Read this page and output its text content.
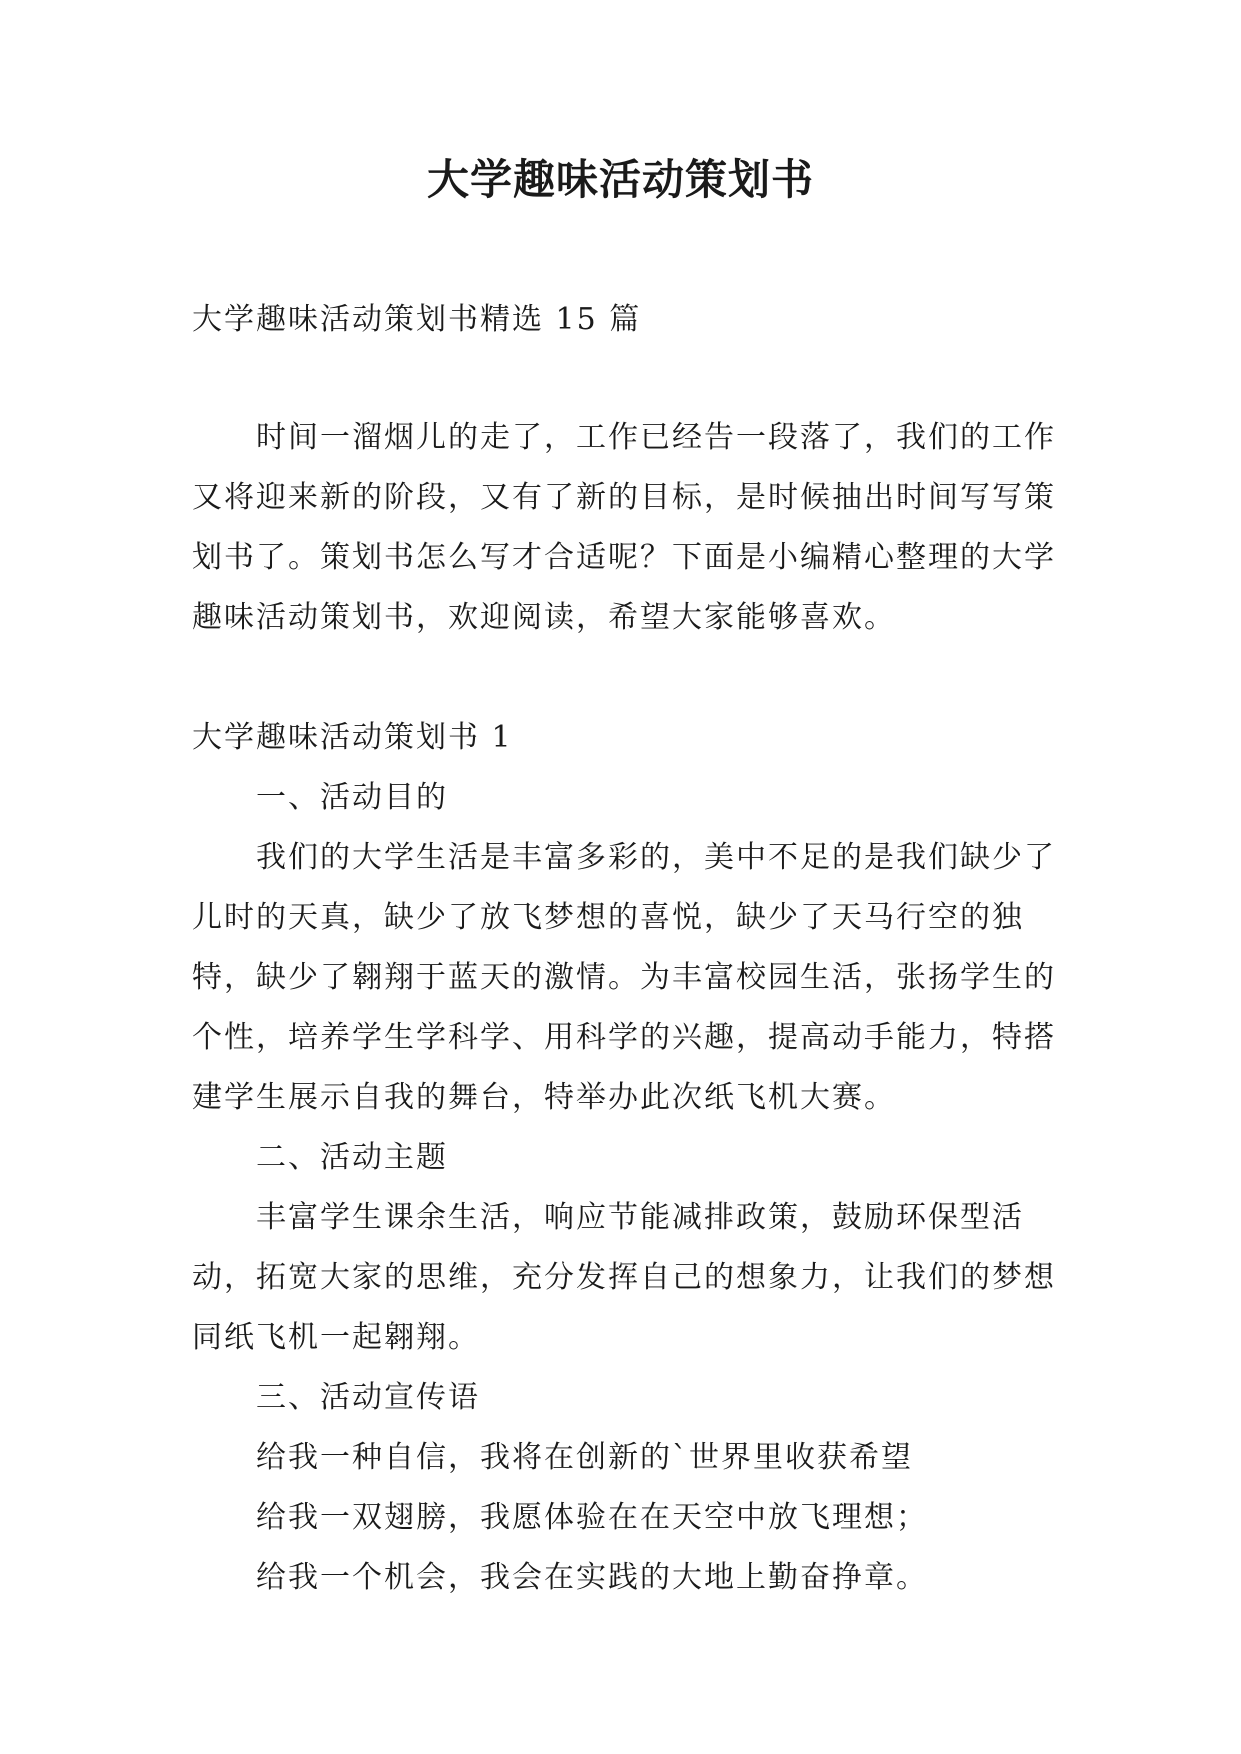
大学趣味活动策划书

大学趣味活动策划书精选 15 篇

时间一溜烟儿的走了，工作已经告一段落了，我们的工作又将迎来新的阶段，又有了新的目标，是时候抽出时间写写策划书了。策划书怎么写才合适呢？下面是小编精心整理的大学趣味活动策划书，欢迎阅读，希望大家能够喜欢。

大学趣味活动策划书 1

一、活动目的

我们的大学生活是丰富多彩的，美中不足的是我们缺少了儿时的天真，缺少了放飞梦想的喜悦，缺少了天马行空的独特，缺少了翱翔于蓝天的激情。为丰富校园生活，张扬学生的个性，培养学生学科学、用科学的兴趣，提高动手能力，特搭建学生展示自我的舞台，特举办此次纸飞机大赛。

二、活动主题

丰富学生课余生活，响应节能减排政策，鼓励环保型活动，拓宽大家的思维，充分发挥自己的想象力，让我们的梦想同纸飞机一起翱翔。

三、活动宣传语

给我一种自信，我将在创新的`世界里收获希望

给我一双翅膀，我愿体验在在天空中放飞理想；

给我一个机会，我会在实践的大地上勤奋挣章。
